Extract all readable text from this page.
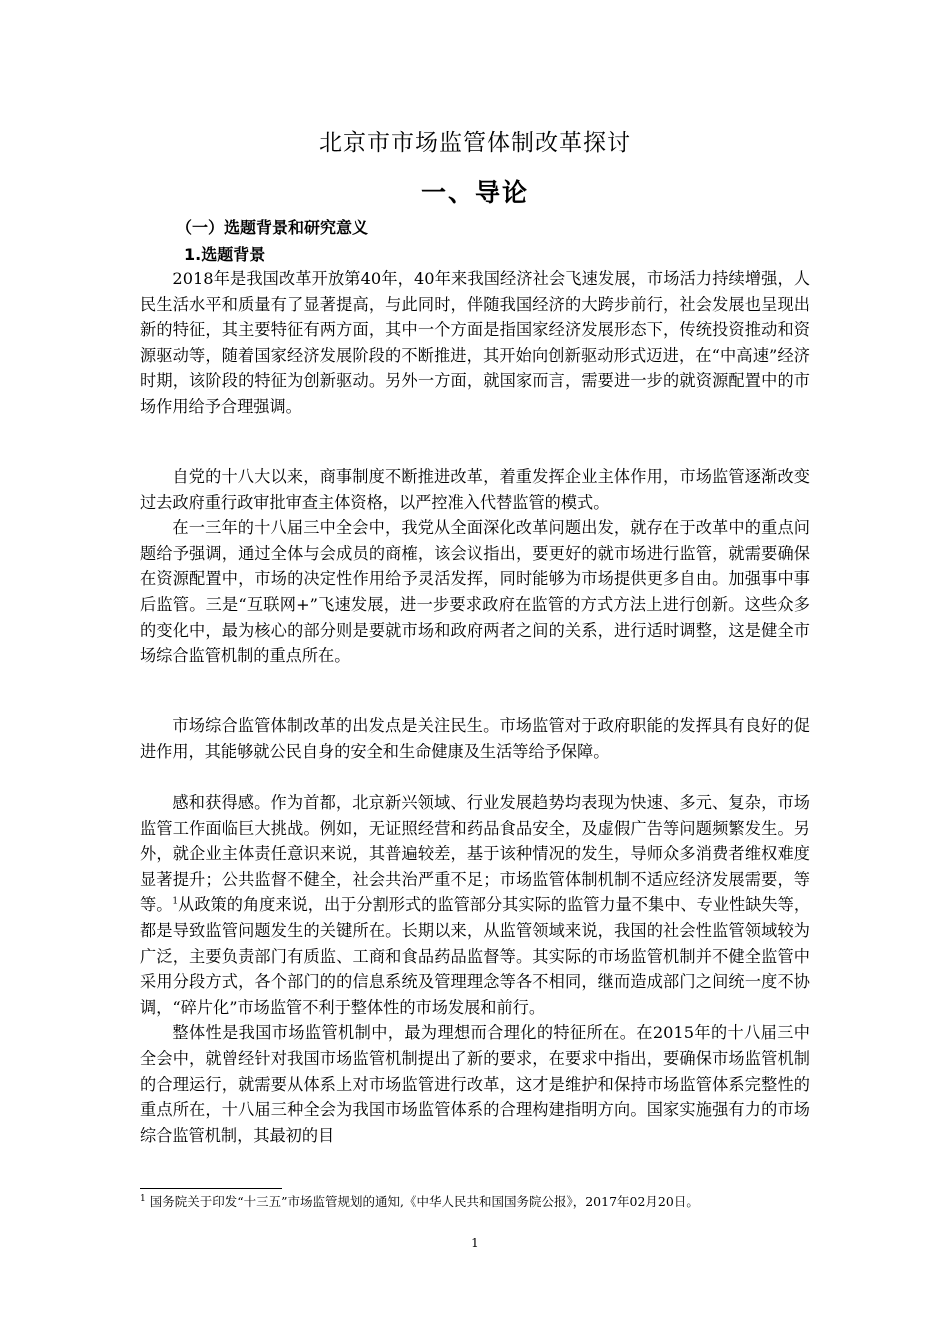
北京市市场监管体制改革探讨
一、导论
（一）选题背景和研究意义
1.选题背景

2018年是我国改革开放第40年，40年来我国经济社会飞速发展，市场活力持续增强，人民生活水平和质量有了显著提高，与此同时，伴随我国经济的大跨步前行，社会发展也呈现出新的特征，其主要特征有两方面，其中一个方面是指国家经济发展形态下，传统投资推动和资源驱动等，随着国家经济发展阶段的不断推进，其开始向创新驱动形式迈进，在“中高速”经济时期，该阶段的特征为创新驱动。另外一方面，就国家而言，需要进一步的就资源配置中的市场作用给予合理强调。

自党的十八大以来，商事制度不断推进改革，着重发挥企业主体作用，市场监管逐渐改变过去政府重行政审批审查主体资格，以严控准入代替监管的模式。

在一三年的十八届三中全会中，我党从全面深化改革问题出发，就存在于改革中的重点问题给予强调，通过全体与会成员的商榷，该会议指出，要更好的就市场进行监管，就需要确保在资源配置中，市场的决定性作用给予灵活发挥，同时能够为市场提供更多自由。加强事中事后监管。三是“互联网+”飞速发展，进一步要求政府在监管的方式方法上进行创新。这些众多的变化中，最为核心的部分则是要就市场和政府两者之间的关系，进行适时调整，这是健全市场综合监管机制的重点所在。

市场综合监管体制改革的出发点是关注民生。市场监管对于政府职能的发挥具有良好的促进作用，其能够就公民自身的安全和生命健康及生活等给予保障。

感和获得感。作为首都，北京新兴领域、行业发展趋势均表现为快速、多元、复杂，市场监管工作面临巨大挑战。例如，无证照经营和药品食品安全，及虚假广告等问题频繁发生。另外，就企业主体责任意识来说，其普遍较差，基于该种情况的发生，导师众多消费者维权难度显著提升；公共监督不健全，社会共治严重不足；市场监管体制机制不适应经济发展需要，等等。$^1$从政策的角度来说，出于分割形式的监管部分其实际的监管力量不集中、专业性缺失等，都是导致监管问题发生的关键所在。长期以来，从监管领域来说，我国的社会性监管领域较为广泛，主要负责部门有质监、工商和食品药品监督等。其实际的市场监管机制并不健全监管中采用分段方式，各个部门的的信息系统及管理理念等各不相同，继而造成部门之间统一度不协调，“碎片化”市场监管不利于整体性的市场发展和前行。

整体性是我国市场监管机制中，最为理想而合理化的特征所在。在2015年的十八届三中全会中，就曾经针对我国市场监管机制提出了新的要求，在要求中指出，要确保市场监管机制的合理运行，就需要从体系上对市场监管进行改革，这才是维护和保持市场监管体系完整性的重点所在，十八届三种全会为我国市场监管体系的合理构建指明方向。国家实施强有力的市场综合监管机制，其最初的目

$^1$ 国务院关于印发“十三五”市场监管规划的通知,《中华人民共和国国务院公报》，2017年02月20日。

1
